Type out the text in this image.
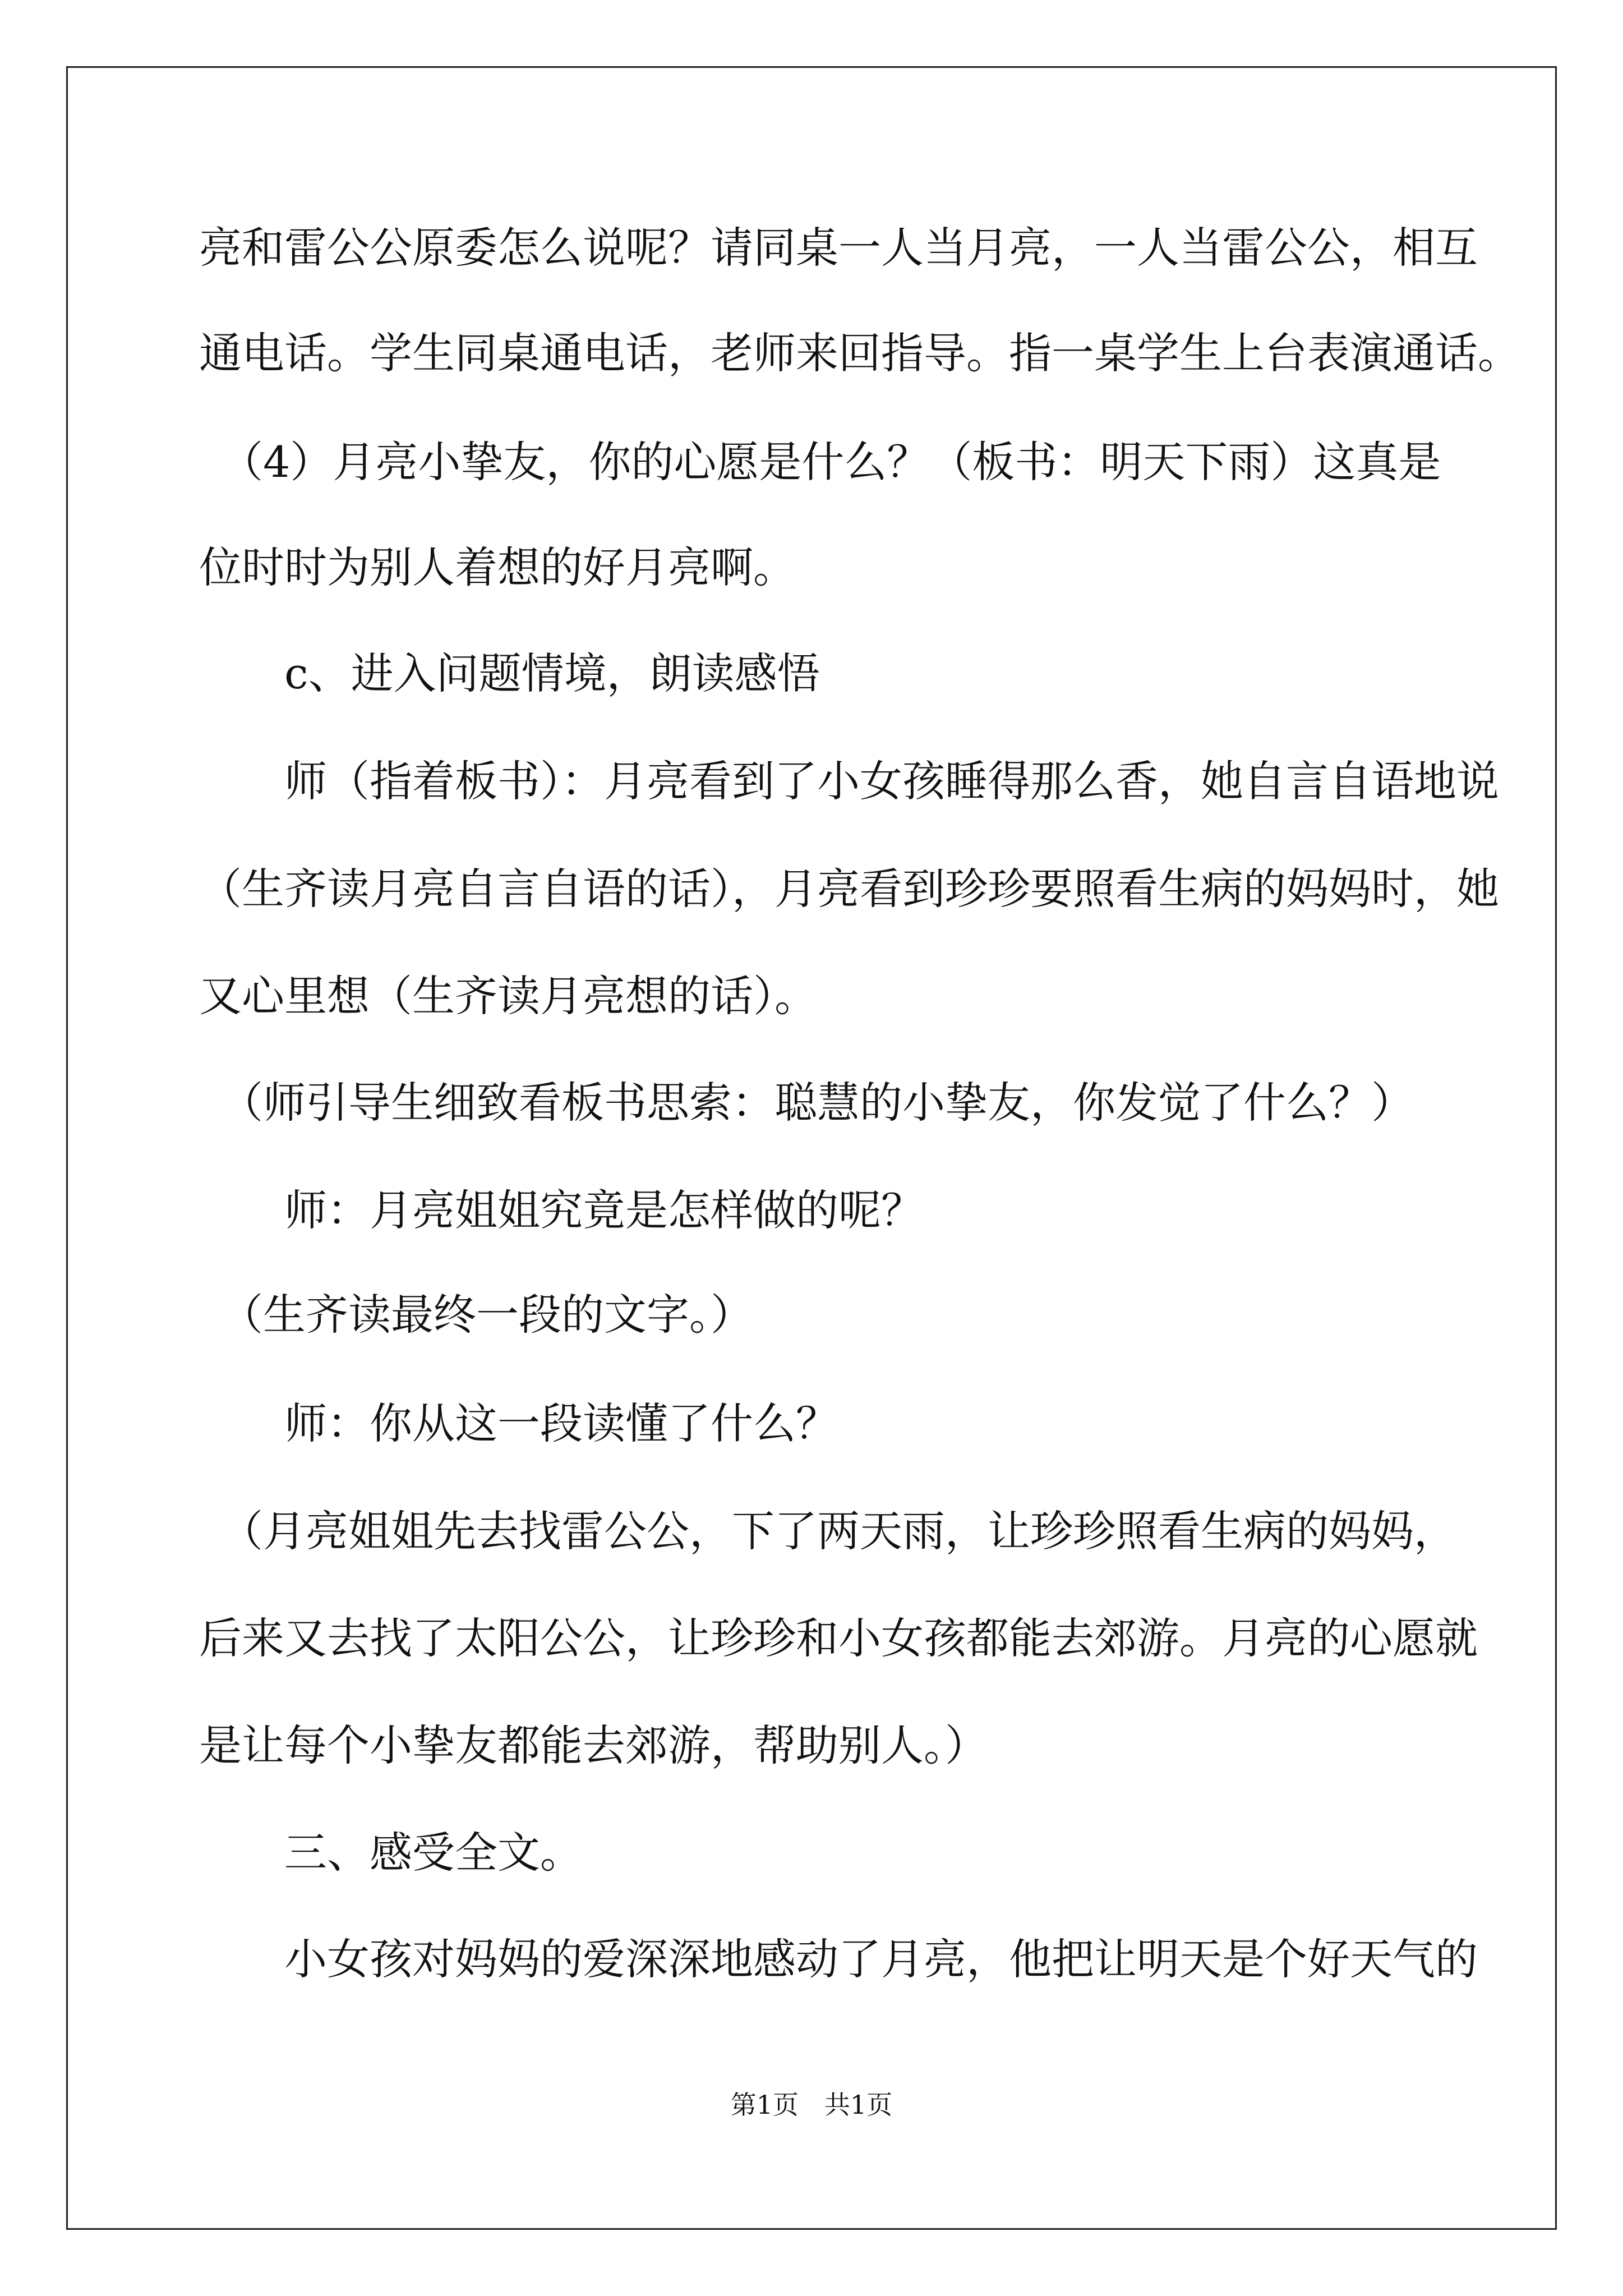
亮和雷公公原委怎么说呢？请同桌一人当月亮，一人当雷公公，相互
通电话。学生同桌通电话，老师来回指导。指一桌学生上台表演通话。
　（4）月亮小挚友，你的心愿是什么？（板书：明天下雨）这真是
位时时为别人着想的好月亮啊。
　　c、进入问题情境，朗读感悟
　　师（指着板书）：月亮看到了小女孩睡得那么香，她自言自语地说
（生齐读月亮自言自语的话），月亮看到珍珍要照看生病的妈妈时，她
又心里想（生齐读月亮想的话）。
　（师引导生细致看板书思索：聪慧的小挚友，你发觉了什么？）
　　师：月亮姐姐究竟是怎样做的呢？
　（生齐读最终一段的文字。）
　　师：你从这一段读懂了什么？
　（月亮姐姐先去找雷公公，下了两天雨，让珍珍照看生病的妈妈，
后来又去找了太阳公公，让珍珍和小女孩都能去郊游。月亮的心愿就
是让每个小挚友都能去郊游，帮助别人。）
　　三、感受全文。
　　小女孩对妈妈的爱深深地感动了月亮，他把让明天是个好天气的
第1页　共1页
